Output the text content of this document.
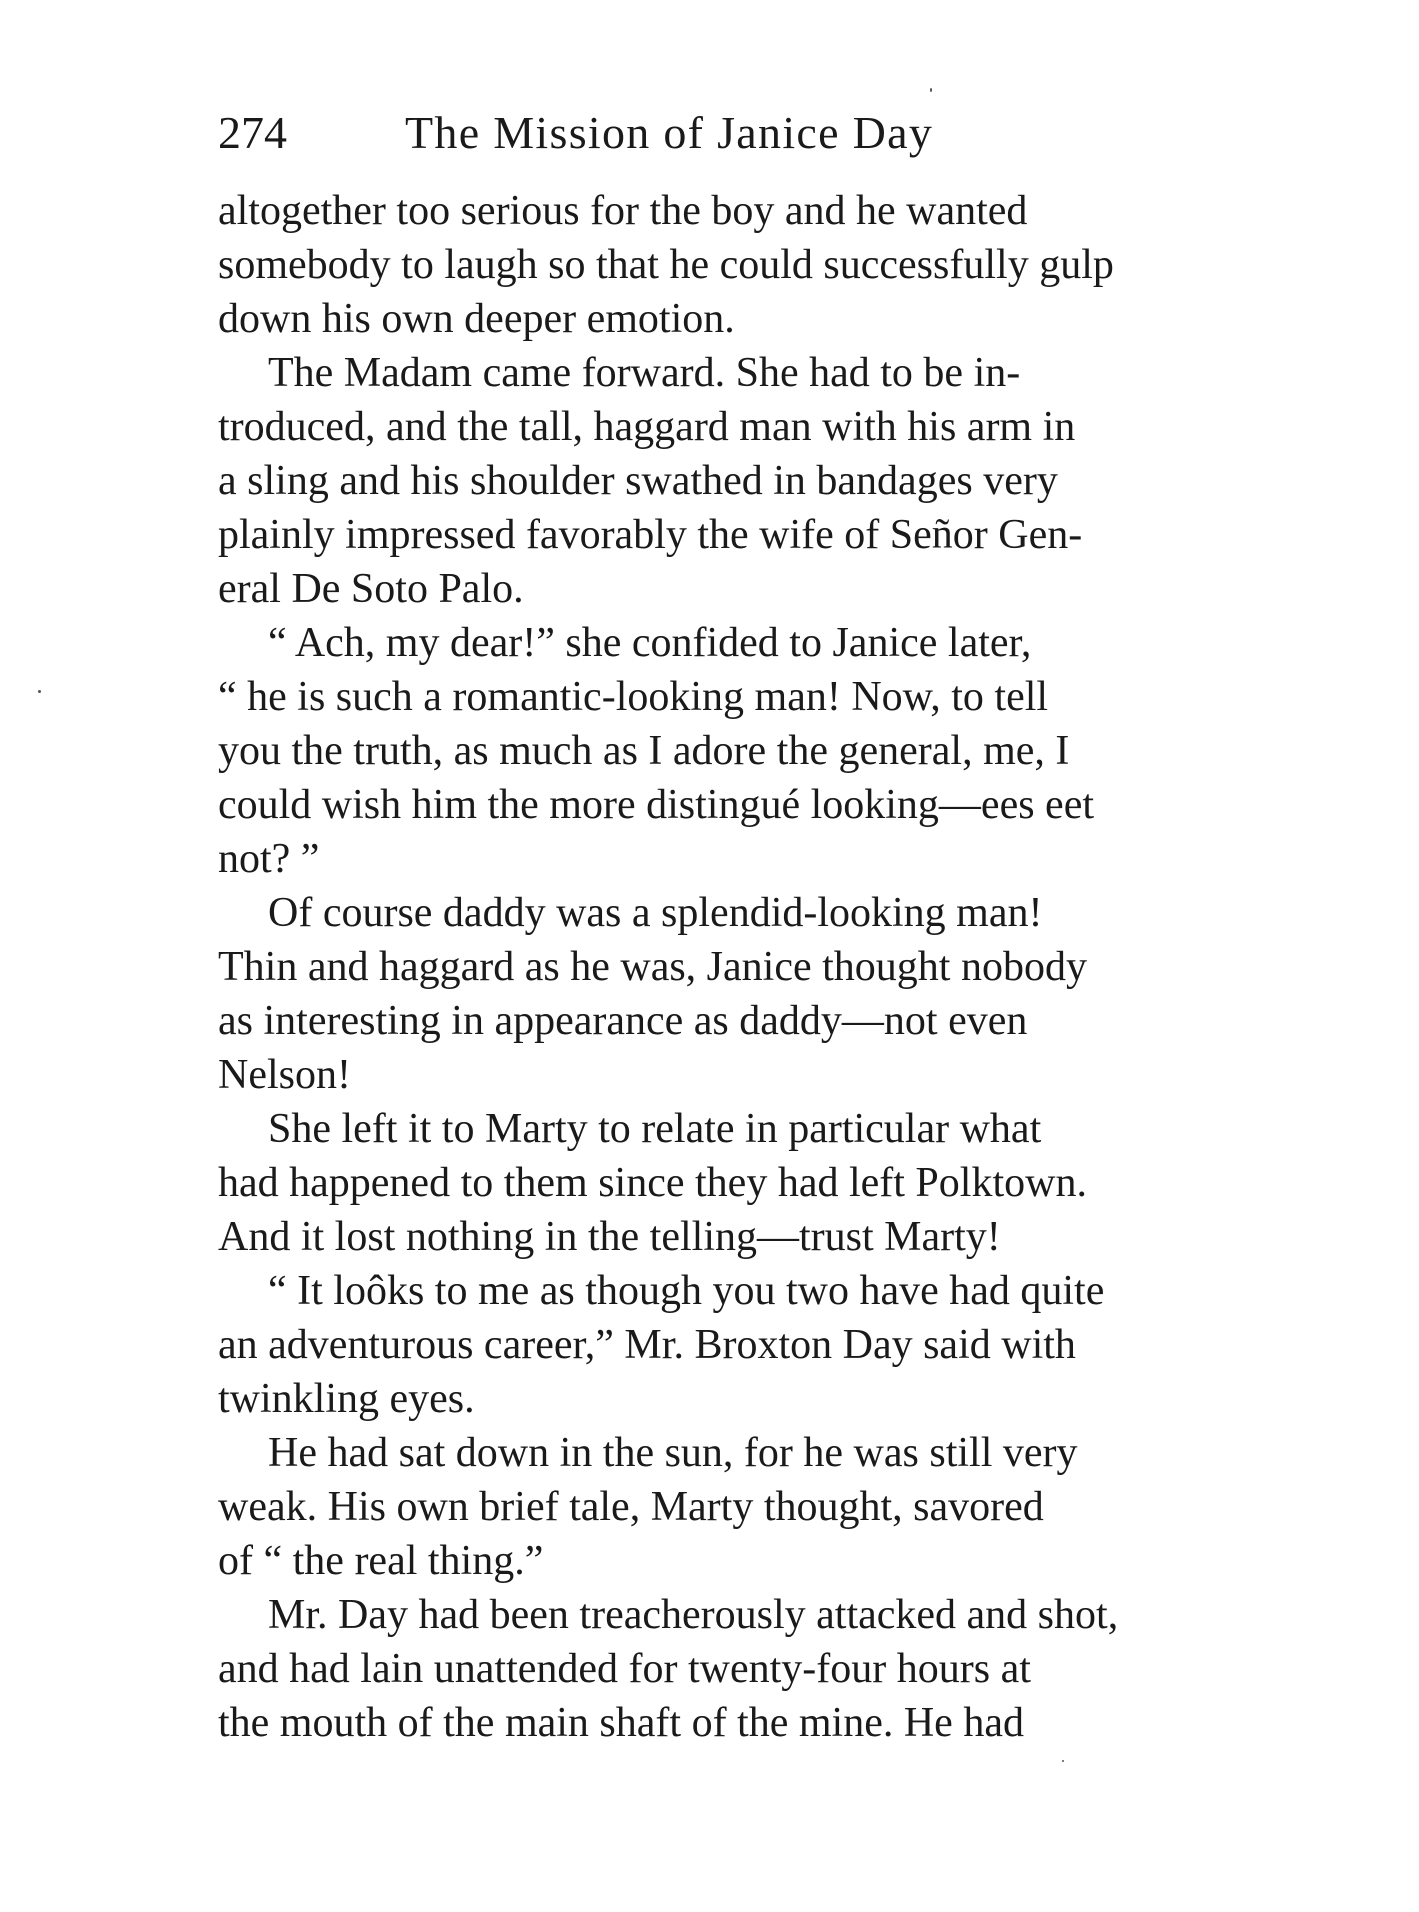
274	The Mission of Janice Day
altogether too serious for the boy and he wanted
somebody to laugh so that he could successfully gulp
down his own deeper emotion.
The Madam came forward. She had to be in-
troduced, and the tall, haggard man with his arm in
a sling and his shoulder swathed in bandages very
plainly impressed favorably the wife of Señor Gen-
eral De Soto Palo.
“ Ach, my dear!” she confided to Janice later,
“ he is such a romantic-looking man! Now, to tell
you the truth, as much as I adore the general, me, I
could wish him the more distingué looking—ees eet
not? ”
Of course daddy was a splendid-looking man!
Thin and haggard as he was, Janice thought nobody
as interesting in appearance as daddy—not even
Nelson!
She left it to Marty to relate in particular what
had happened to them since they had left Polktown.
And it lost nothing in the telling—trust Marty!
“ It loôks to me as though you two have had quite
an adventurous career,” Mr. Broxton Day said with
twinkling eyes.
He had sat down in the sun, for he was still very
weak. His own brief tale, Marty thought, savored
of “ the real thing.”
Mr. Day had been treacherously attacked and shot,
and had lain unattended for twenty-four hours at
the mouth of the main shaft of the mine. He had
